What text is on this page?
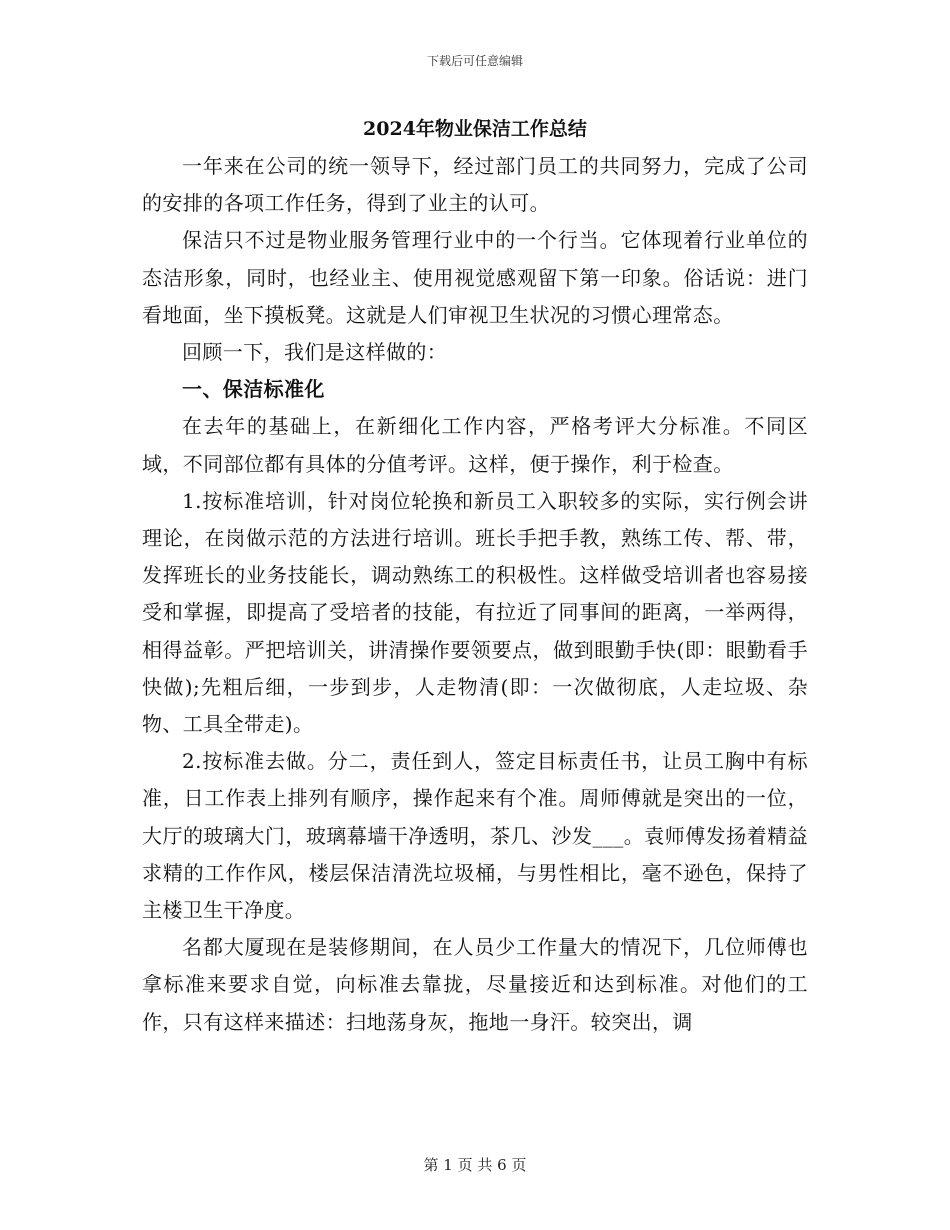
下载后可任意编辑
2024年物业保洁工作总结

一年来在公司的统一领导下，经过部门员工的共同努力，完成了公司的安排的各项工作任务，得到了业主的认可。

保洁只不过是物业服务管理行业中的一个行当。它体现着行业单位的态洁形象，同时，也经业主、使用视觉感观留下第一印象。俗话说：进门看地面，坐下摸板凳。这就是人们审视卫生状况的习惯心理常态。

回顾一下，我们是这样做的：

一、保洁标准化

在去年的基础上，在新细化工作内容，严格考评大分标准。不同区域，不同部位都有具体的分值考评。这样，便于操作，利于检查。

1.按标准培训，针对岗位轮换和新员工入职较多的实际，实行例会讲理论，在岗做示范的方法进行培训。班长手把手教，熟练工传、帮、带，发挥班长的业务技能长，调动熟练工的积极性。这样做受培训者也容易接受和掌握，即提高了受培者的技能，有拉近了同事间的距离，一举两得，相得益彰。严把培训关，讲清操作要领要点，做到眼勤手快(即：眼勤看手快做);先粗后细，一步到步，人走物清(即：一次做彻底，人走垃圾、杂物、工具全带走)。

2.按标准去做。分二，责任到人，签定目标责任书，让员工胸中有标准，日工作表上排列有顺序，操作起来有个准。周师傅就是突出的一位，大厅的玻璃大门，玻璃幕墙干净透明，茶几、沙发___。袁师傅发扬着精益求精的工作作风，楼层保洁清洗垃圾桶，与男性相比，毫不逊色，保持了主楼卫生干净度。

名都大厦现在是装修期间，在人员少工作量大的情况下，几位师傅也拿标准来要求自觉，向标准去靠拢，尽量接近和达到标准。对他们的工作，只有这样来描述：扫地荡身灰，拖地一身汗。较突出，调

第 1 页 共 6 页
